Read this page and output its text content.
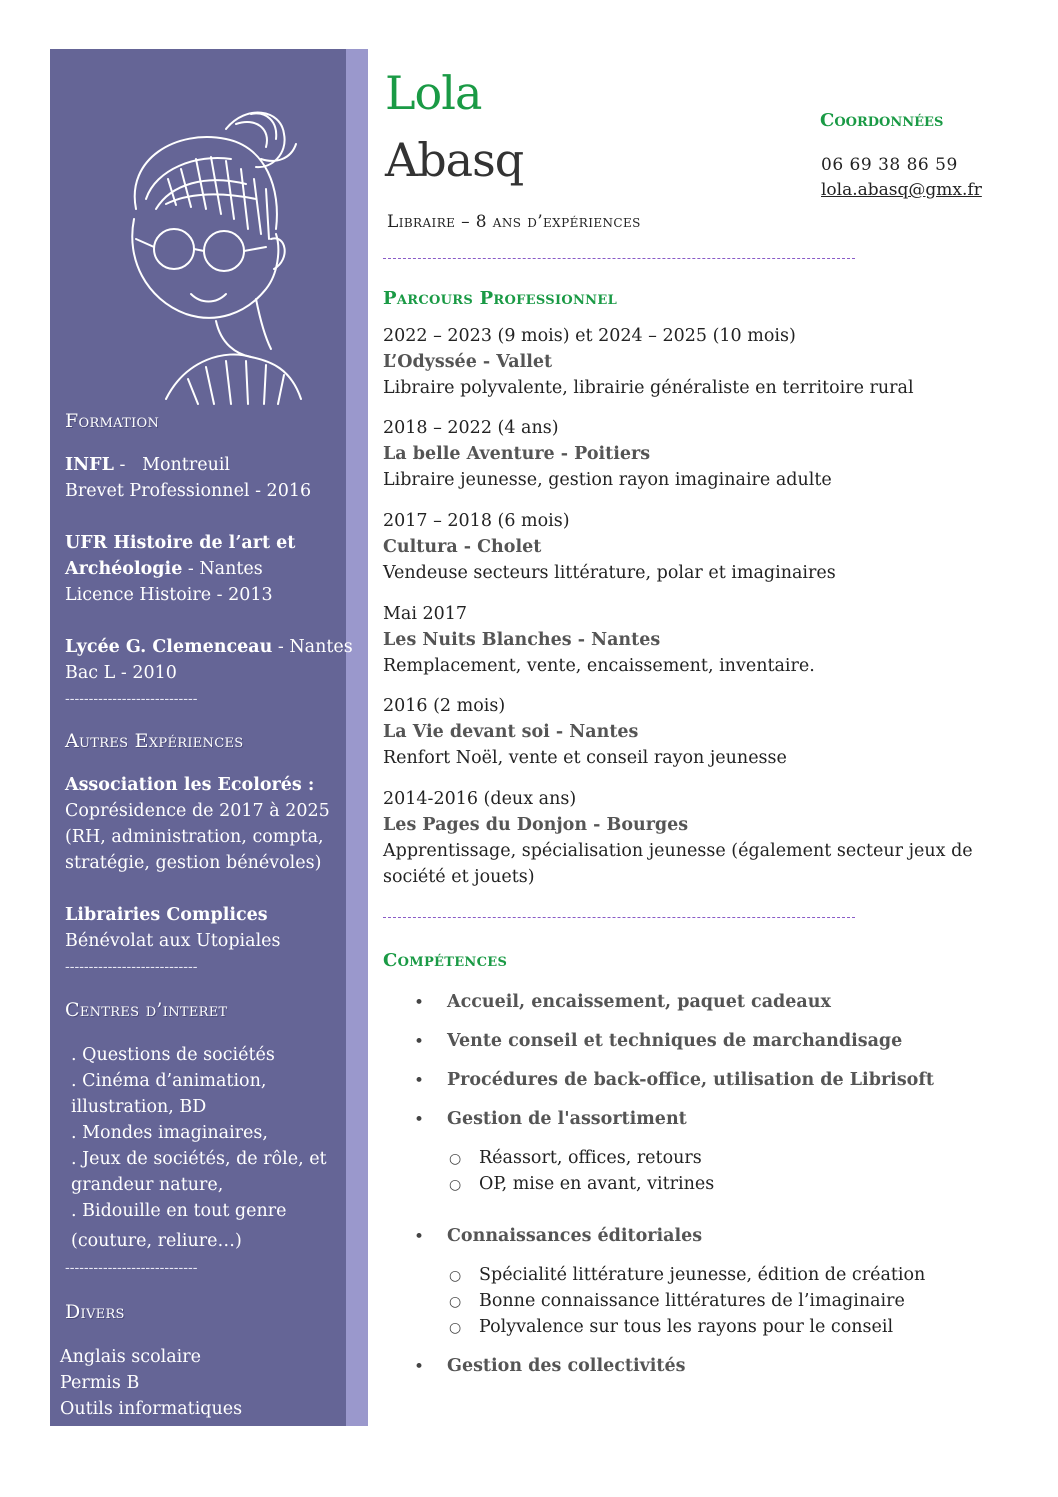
Formation
INFL -   Montreuil
Brevet Professionnel - 2016
UFR Histoire de l’art et
Archéologie - Nantes
Licence Histoire - 2013
Lycée G. Clemenceau - Nantes
Bac L - 2010
----------------------------
Autres Expériences
Association les Ecolorés :
Coprésidence de 2017 à 2025
(RH, administration, compta,
stratégie, gestion bénévoles)
Librairies Complices
Bénévolat aux Utopiales
----------------------------
Centres d’interet
. Questions de sociétés
. Cinéma d’animation,
illustration, BD
. Mondes imaginaires,
. Jeux de sociétés, de rôle, et
grandeur nature,
. Bidouille en tout genre
(couture, reliure…)
----------------------------
Divers
Anglais scolaire
Permis B
Outils informatiques
Lola
Abasq
Libraire – 8 ans d’expériences
Coordonnées
06 69 38 86 59
lola.abasq@gmx.fr
Parcours Professionnel
2022 – 2023 (9 mois) et 2024 – 2025 (10 mois)
L’Odyssée - Vallet
Libraire polyvalente, librairie généraliste en territoire rural
2018 – 2022 (4 ans)
La belle Aventure - Poitiers
Libraire jeunesse, gestion rayon imaginaire adulte
2017 – 2018 (6 mois)
Cultura - Cholet
Vendeuse secteurs littérature, polar et imaginaires
Mai 2017
Les Nuits Blanches - Nantes
Remplacement, vente, encaissement, inventaire.
2016 (2 mois)
La Vie devant soi - Nantes
Renfort Noël, vente et conseil rayon jeunesse
2014-2016 (deux ans)
Les Pages du Donjon - Bourges
Apprentissage, spécialisation jeunesse (également secteur jeux de
société et jouets)
Compétences
• Accueil, encaissement, paquet cadeaux
• Vente conseil et techniques de marchandisage
• Procédures de back-office, utilisation de Librisoft
• Gestion de l'assortiment
○ Réassort, offices, retours
○ OP, mise en avant, vitrines
• Connaissances éditoriales
○ Spécialité littérature jeunesse, édition de création
○ Bonne connaissance littératures de l’imaginaire
○ Polyvalence sur tous les rayons pour le conseil
• Gestion des collectivités
